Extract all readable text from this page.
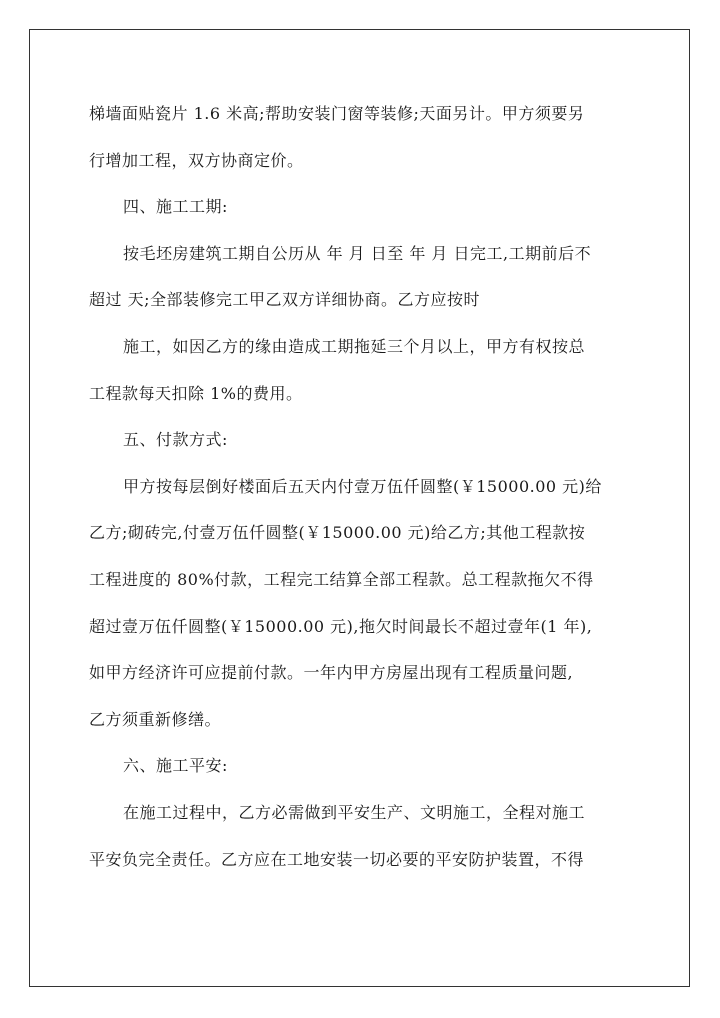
梯墙面贴瓷片 1.6 米高;帮助安装门窗等装修;天面另计。甲方须要另
行增加工程，双方协商定价。
四、施工工期:
按毛坯房建筑工期自公历从 年 月 日至 年 月 日完工,工期前后不
超过 天;全部装修完工甲乙双方详细协商。乙方应按时
施工，如因乙方的缘由造成工期拖延三个月以上，甲方有权按总
工程款每天扣除 1%的费用。
五、付款方式:
甲方按每层倒好楼面后五天内付壹万伍仟圆整(￥15000.00 元)给
乙方;砌砖完,付壹万伍仟圆整(￥15000.00 元)给乙方;其他工程款按
工程进度的 80%付款，工程完工结算全部工程款。总工程款拖欠不得
超过壹万伍仟圆整(￥15000.00 元),拖欠时间最长不超过壹年(1 年),
如甲方经济许可应提前付款。一年内甲方房屋出现有工程质量问题,
乙方须重新修缮。
六、施工平安:
在施工过程中，乙方必需做到平安生产、文明施工，全程对施工
平安负完全责任。乙方应在工地安装一切必要的平安防护装置，不得
